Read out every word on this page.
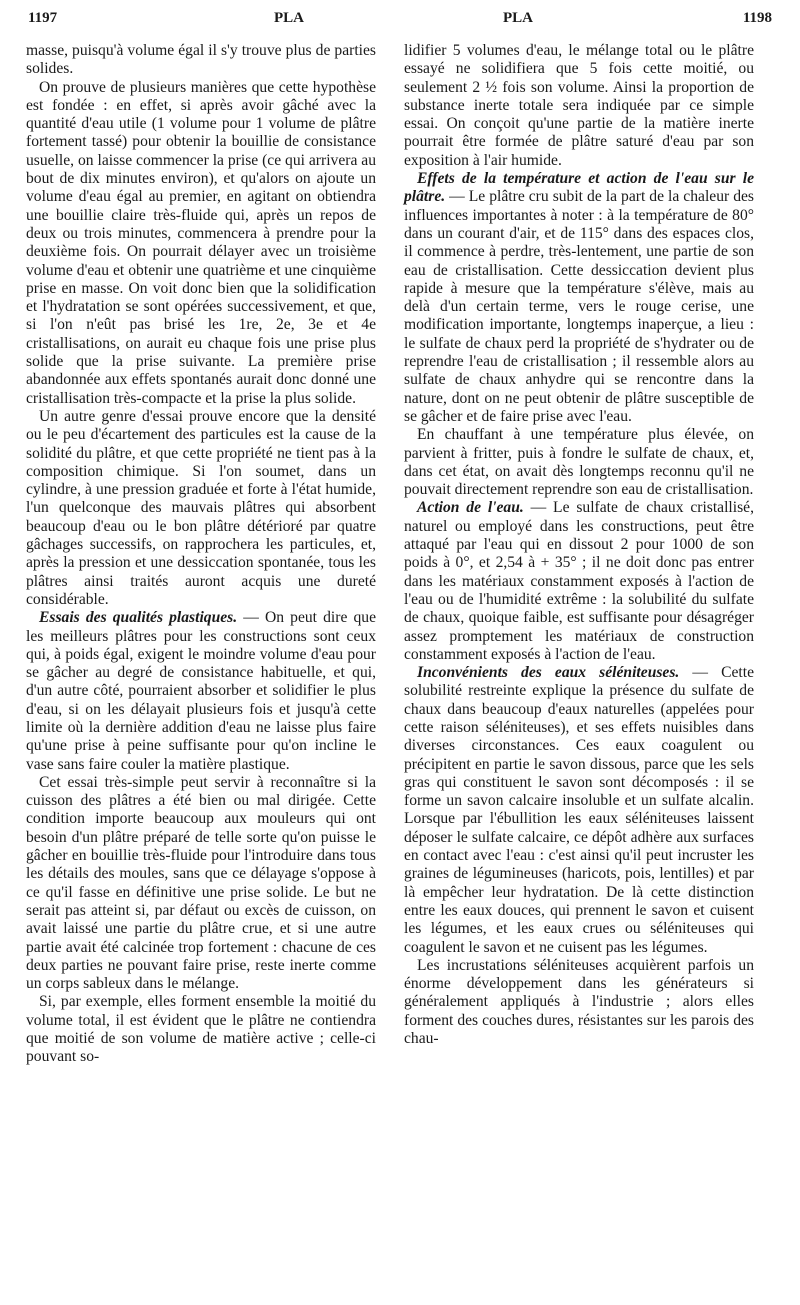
1197	PLA	PLA	1198

masse, puisqu'à volume égal il s'y trouve plus de parties solides.

On prouve de plusieurs manières que cette hypothèse est fondée : en effet, si après avoir gâché avec la quantité d'eau utile (1 volume pour 1 volume de plâtre fortement tassé) pour obtenir la bouillie de consistance usuelle, on laisse commencer la prise (ce qui arrivera au bout de dix minutes environ), et qu'alors on ajoute un volume d'eau égal au premier, en agitant on obtiendra une bouillie claire très-fluide qui, après un repos de deux ou trois minutes, commencera à prendre pour la deuxième fois. On pourrait délayer avec un troisième volume d'eau et obtenir une quatrième et une cinquième prise en masse. On voit donc bien que la solidification et l'hydratation se sont opérées successivement, et que, si l'on n'eût pas brisé les 1re, 2e, 3e et 4e cristallisations, on aurait eu chaque fois une prise plus solide que la prise suivante. La première prise abandonnée aux effets spontanés aurait donc donné une cristallisation très-compacte et la prise la plus solide.

Un autre genre d'essai prouve encore que la densité ou le peu d'écartement des particules est la cause de la solidité du plâtre, et que cette propriété ne tient pas à la composition chimique. Si l'on soumet, dans un cylindre, à une pression graduée et forte à l'état humide, l'un quelconque des mauvais plâtres qui absorbent beaucoup d'eau ou le bon plâtre détérioré par quatre gâchages successifs, on rapprochera les particules, et, après la pression et une dessiccation spontanée, tous les plâtres ainsi traités auront acquis une dureté considérable.

Essais des qualités plastiques. — On peut dire que les meilleurs plâtres pour les constructions sont ceux qui, à poids égal, exigent le moindre volume d'eau pour se gâcher au degré de consistance habituelle, et qui, d'un autre côté, pourraient absorber et solidifier le plus d'eau, si on les délayait plusieurs fois et jusqu'à cette limite où la dernière addition d'eau ne laisse plus faire qu'une prise à peine suffisante pour qu'on incline le vase sans faire couler la matière plastique.

Cet essai très-simple peut servir à reconnaître si la cuisson des plâtres a été bien ou mal dirigée. Cette condition importe beaucoup aux mouleurs qui ont besoin d'un plâtre préparé de telle sorte qu'on puisse le gâcher en bouillie très-fluide pour l'introduire dans tous les détails des moules, sans que ce délayage s'oppose à ce qu'il fasse en définitive une prise solide. Le but ne serait pas atteint si, par défaut ou excès de cuisson, on avait laissé une partie du plâtre crue, et si une autre partie avait été calcinée trop fortement : chacune de ces deux parties ne pouvant faire prise, reste inerte comme un corps sableux dans le mélange.

Si, par exemple, elles forment ensemble la moitié du volume total, il est évident que le plâtre ne contiendra que moitié de son volume de matière active ; celle-ci pouvant so-

lidifier 5 volumes d'eau, le mélange total ou le plâtre essayé ne solidifiera que 5 fois cette moitié, ou seulement 2 ½ fois son volume. Ainsi la proportion de substance inerte totale sera indiquée par ce simple essai. On conçoit qu'une partie de la matière inerte pourrait être formée de plâtre saturé d'eau par son exposition à l'air humide.

Effets de la température et action de l'eau sur le plâtre. — Le plâtre cru subit de la part de la chaleur des influences importantes à noter : à la température de 80° dans un courant d'air, et de 115° dans des espaces clos, il commence à perdre, très-lentement, une partie de son eau de cristallisation. Cette dessiccation devient plus rapide à mesure que la température s'élève, mais au delà d'un certain terme, vers le rouge cerise, une modification importante, longtemps inaperçue, a lieu : le sulfate de chaux perd la propriété de s'hydrater ou de reprendre l'eau de cristallisation ; il ressemble alors au sulfate de chaux anhydre qui se rencontre dans la nature, dont on ne peut obtenir de plâtre susceptible de se gâcher et de faire prise avec l'eau.

En chauffant à une température plus élevée, on parvient à fritter, puis à fondre le sulfate de chaux, et, dans cet état, on avait dès longtemps reconnu qu'il ne pouvait directement reprendre son eau de cristallisation.

Action de l'eau. — Le sulfate de chaux cristallisé, naturel ou employé dans les constructions, peut être attaqué par l'eau qui en dissout 2 pour 1000 de son poids à 0°, et 2,54 à + 35° ; il ne doit donc pas entrer dans les matériaux constamment exposés à l'action de l'eau ou de l'humidité extrême : la solubilité du sulfate de chaux, quoique faible, est suffisante pour désagréger assez promptement les matériaux de construction constamment exposés à l'action de l'eau.

Inconvénients des eaux séléniteuses. — Cette solubilité restreinte explique la présence du sulfate de chaux dans beaucoup d'eaux naturelles (appelées pour cette raison séléniteuses), et ses effets nuisibles dans diverses circonstances. Ces eaux coagulent ou précipitent en partie le savon dissous, parce que les sels gras qui constituent le savon sont décomposés : il se forme un savon calcaire insoluble et un sulfate alcalin. Lorsque par l'ébullition les eaux séléniteuses laissent déposer le sulfate calcaire, ce dépôt adhère aux surfaces en contact avec l'eau : c'est ainsi qu'il peut incruster les graines de légumineuses (haricots, pois, lentilles) et par là empêcher leur hydratation. De là cette distinction entre les eaux douces, qui prennent le savon et cuisent les légumes, et les eaux crues ou séléniteuses qui coagulent le savon et ne cuisent pas les légumes.

Les incrustations séléniteuses acquièrent parfois un énorme développement dans les générateurs si généralement appliqués à l'industrie ; alors elles forment des couches dures, résistantes sur les parois des chau-
